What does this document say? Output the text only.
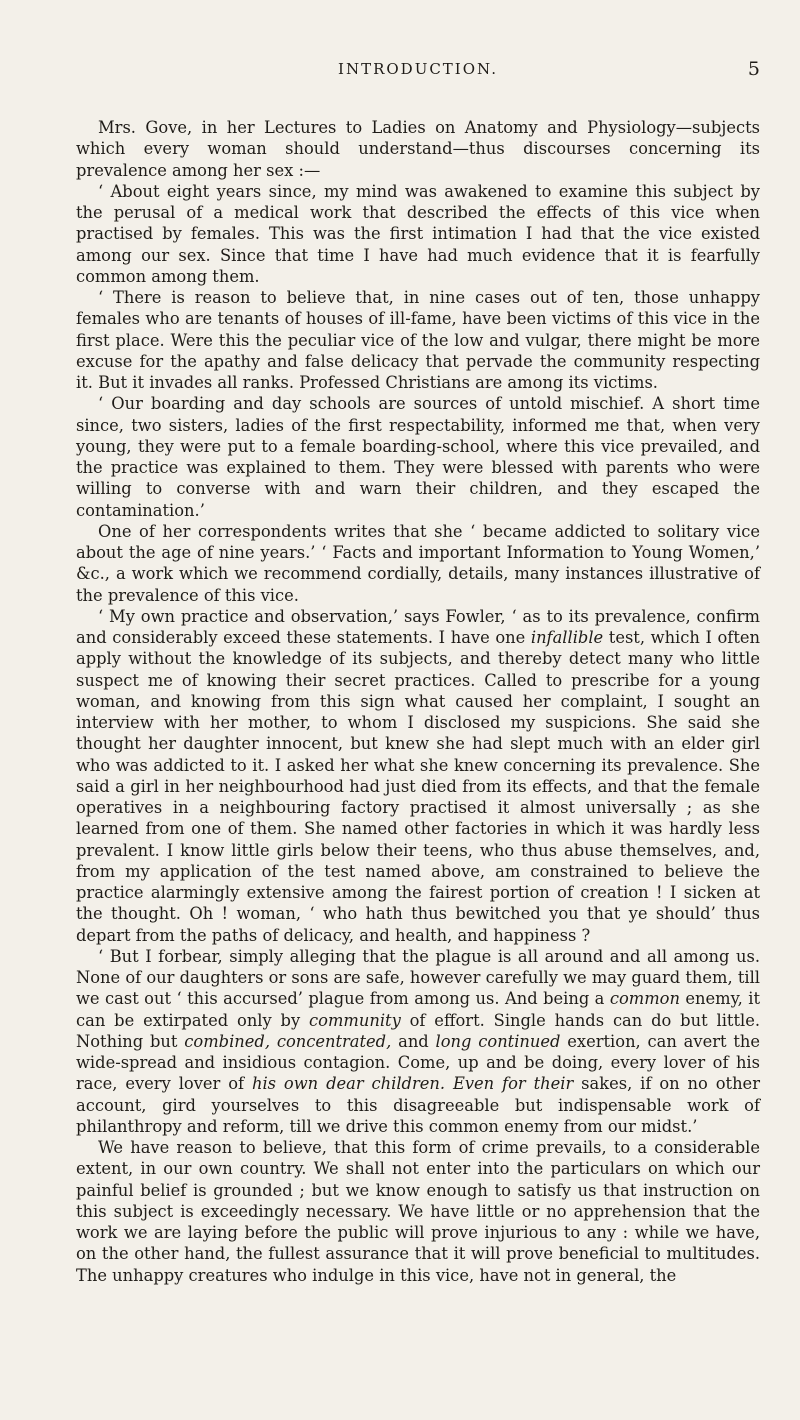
INTRODUCTION.	5

Mrs. Gove, in her Lectures to Ladies on Anatomy and Physiology—subjects which every woman should understand—thus discourses concerning its prevalence among her sex :—

‘ About eight years since, my mind was awakened to examine this subject by the perusal of a medical work that described the effects of this vice when practised by females. This was the first intimation I had that the vice existed among our sex. Since that time I have had much evidence that it is fearfully common among them.

‘ There is reason to believe that, in nine cases out of ten, those unhappy females who are tenants of houses of ill-fame, have been victims of this vice in the first place. Were this the peculiar vice of the low and vulgar, there might be more excuse for the apathy and false delicacy that pervade the community respecting it. But it invades all ranks. Professed Christians are among its victims.

‘ Our boarding and day schools are sources of untold mischief. A short time since, two sisters, ladies of the first respectability, informed me that, when very young, they were put to a female boarding-school, where this vice prevailed, and the practice was explained to them. They were blessed with parents who were willing to converse with and warn their children, and they escaped the contamination.’

One of her correspondents writes that she ‘ became addicted to solitary vice about the age of nine years.’ ‘ Facts and important Information to Young Women,’ &c., a work which we recommend cordially, details, many instances illustrative of the prevalence of this vice.

‘ My own practice and observation,’ says Fowler, ‘ as to its prevalence, confirm and considerably exceed these statements. I have one infallible test, which I often apply without the knowledge of its subjects, and thereby detect many who little suspect me of knowing their secret practices. Called to prescribe for a young woman, and knowing from this sign what caused her complaint, I sought an interview with her mother, to whom I disclosed my suspicions. She said she thought her daughter innocent, but knew she had slept much with an elder girl who was addicted to it. I asked her what she knew concerning its prevalence. She said a girl in her neighbourhood had just died from its effects, and that the female operatives in a neighbouring factory practised it almost universally ; as she learned from one of them. She named other factories in which it was hardly less prevalent. I know little girls below their teens, who thus abuse themselves, and, from my application of the test named above, am constrained to believe the practice alarmingly extensive among the fairest portion of creation ! I sicken at the thought. Oh ! woman, ‘ who hath thus bewitched you that ye should’ thus depart from the paths of delicacy, and health, and happiness ?

‘ But I forbear, simply alleging that the plague is all around and all among us. None of our daughters or sons are safe, however carefully we may guard them, till we cast out ‘ this accursed’ plague from among us. And being a common enemy, it can be extirpated only by community of effort. Single hands can do but little. Nothing but combined, concentrated, and long continued exertion, can avert the wide-spread and insidious contagion. Come, up and be doing, every lover of his race, every lover of his own dear children. Even for their sakes, if on no other account, gird yourselves to this disagreeable but indispensable work of philanthropy and reform, till we drive this common enemy from our midst.’

We have reason to believe, that this form of crime prevails, to a considerable extent, in our own country. We shall not enter into the particulars on which our painful belief is grounded ; but we know enough to satisfy us that instruction on this subject is exceedingly necessary. We have little or no apprehension that the work we are laying before the public will prove injurious to any : while we have, on the other hand, the fullest assurance that it will prove beneficial to multitudes. The unhappy creatures who indulge in this vice, have not in general, the
